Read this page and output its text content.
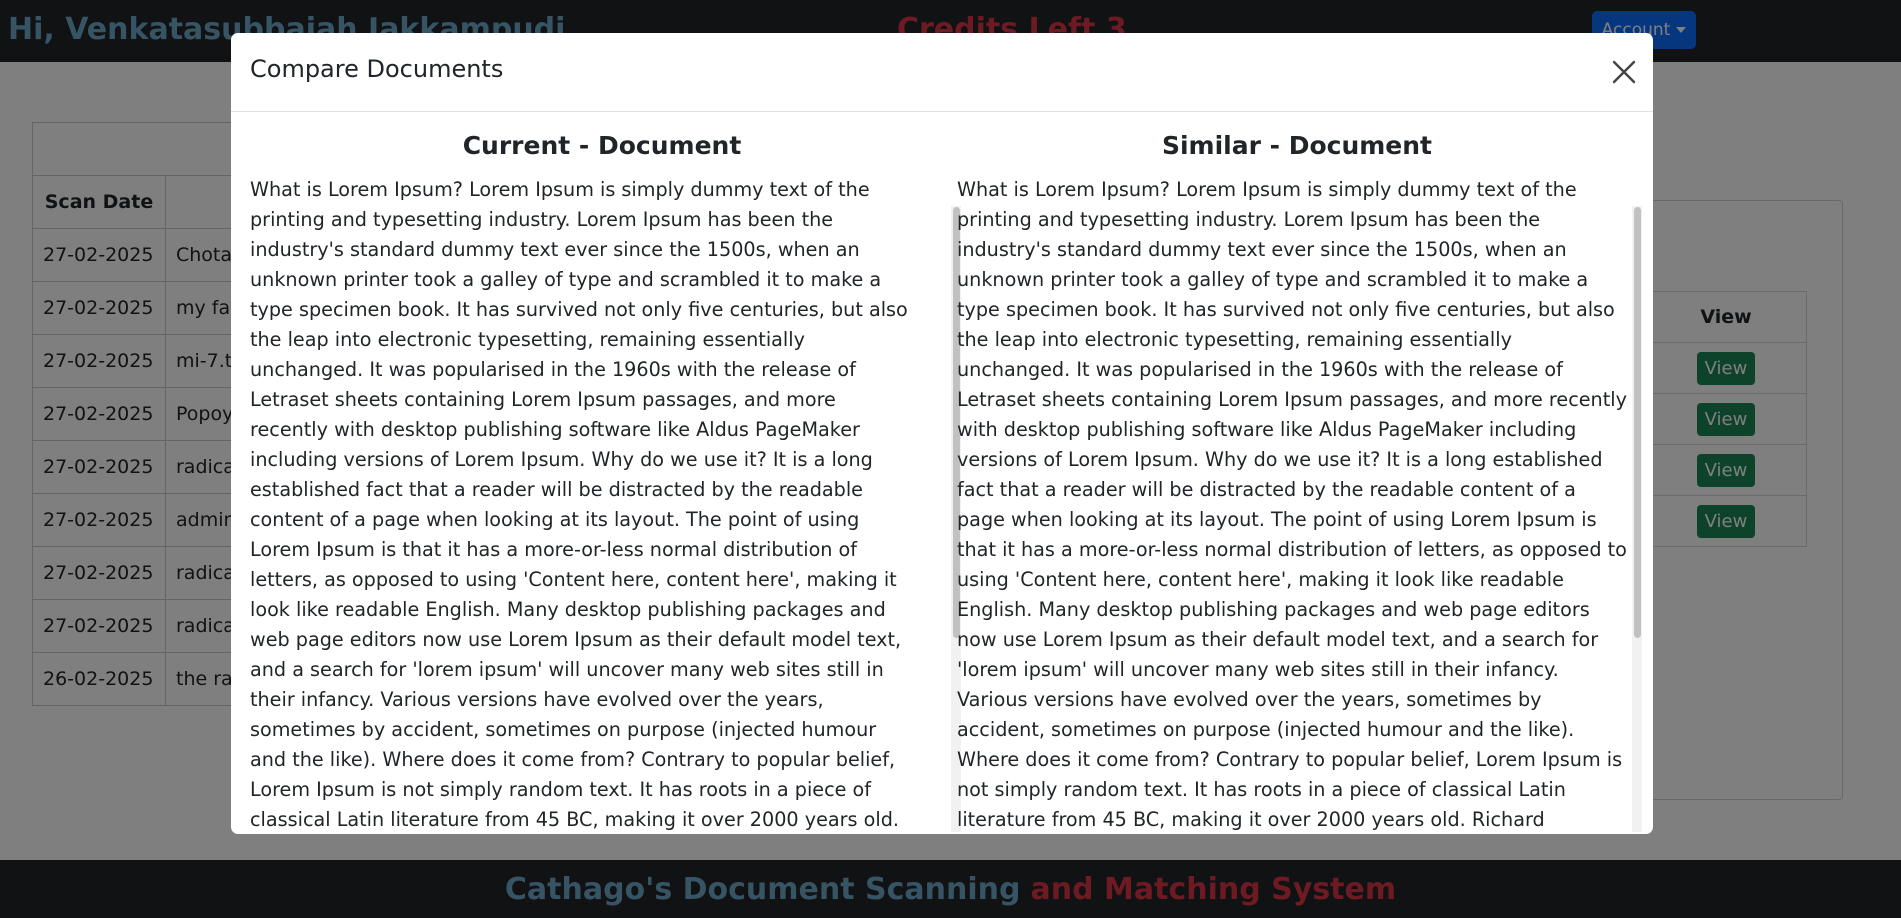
Compare Documents
Current - Document

What is Lorem Ipsum? Lorem Ipsum is simply dummy text of the printing and typesetting industry. Lorem Ipsum has been the industry's standard dummy text ever since the 1500s, when an unknown printer took a galley of type and scrambled it to make a type specimen book. It has survived not only five centuries, but also the leap into electronic typesetting, remaining essentially unchanged. It was popularised in the 1960s with the release of Letraset sheets containing Lorem Ipsum passages, and more recently with desktop publishing software like Aldus PageMaker including versions of Lorem Ipsum. Why do we use it? It is a long established fact that a reader will be distracted by the readable content of a page when looking at its layout. The point of using Lorem Ipsum is that it has a more-or-less normal distribution of letters, as opposed to using 'Content here, content here', making it look like readable English. Many desktop publishing packages and web page editors now use Lorem Ipsum as their default model text, and a search for 'lorem ipsum' will uncover many web sites still in their infancy. Various versions have evolved over the years, sometimes by accident, sometimes on purpose (injected humour and the like). Where does it come from? Contrary to popular belief, Lorem Ipsum is not simply random text. It has roots in a piece of classical Latin literature from 45 BC, making it over 2000 years old.

Similar - Document

What is Lorem Ipsum? Lorem Ipsum is simply dummy text of the printing and typesetting industry. Lorem Ipsum has been the industry's standard dummy text ever since the 1500s, when an unknown printer took a galley of type and scrambled it to make a type specimen book. It has survived not only five centuries, but also the leap into electronic typesetting, remaining essentially unchanged. It was popularised in the 1960s with the release of Letraset sheets containing Lorem Ipsum passages, and more recently with desktop publishing software like Aldus PageMaker including versions of Lorem Ipsum. Why do we use it? It is a long established fact that a reader will be distracted by the readable content of a page when looking at its layout. The point of using Lorem Ipsum is that it has a more-or-less normal distribution of letters, as opposed to using 'Content here, content here', making it look like readable English. Many desktop publishing packages and web page editors now use Lorem Ipsum as their default model text, and a search for 'lorem ipsum' will uncover many web sites still in their infancy. Various versions have evolved over the years, sometimes by accident, sometimes on purpose (injected humour and the like). Where does it come from? Contrary to popular belief, Lorem Ipsum is not simply random text. It has roots in a piece of classical Latin literature from 45 BC, making it over 2000 years old. Richard
